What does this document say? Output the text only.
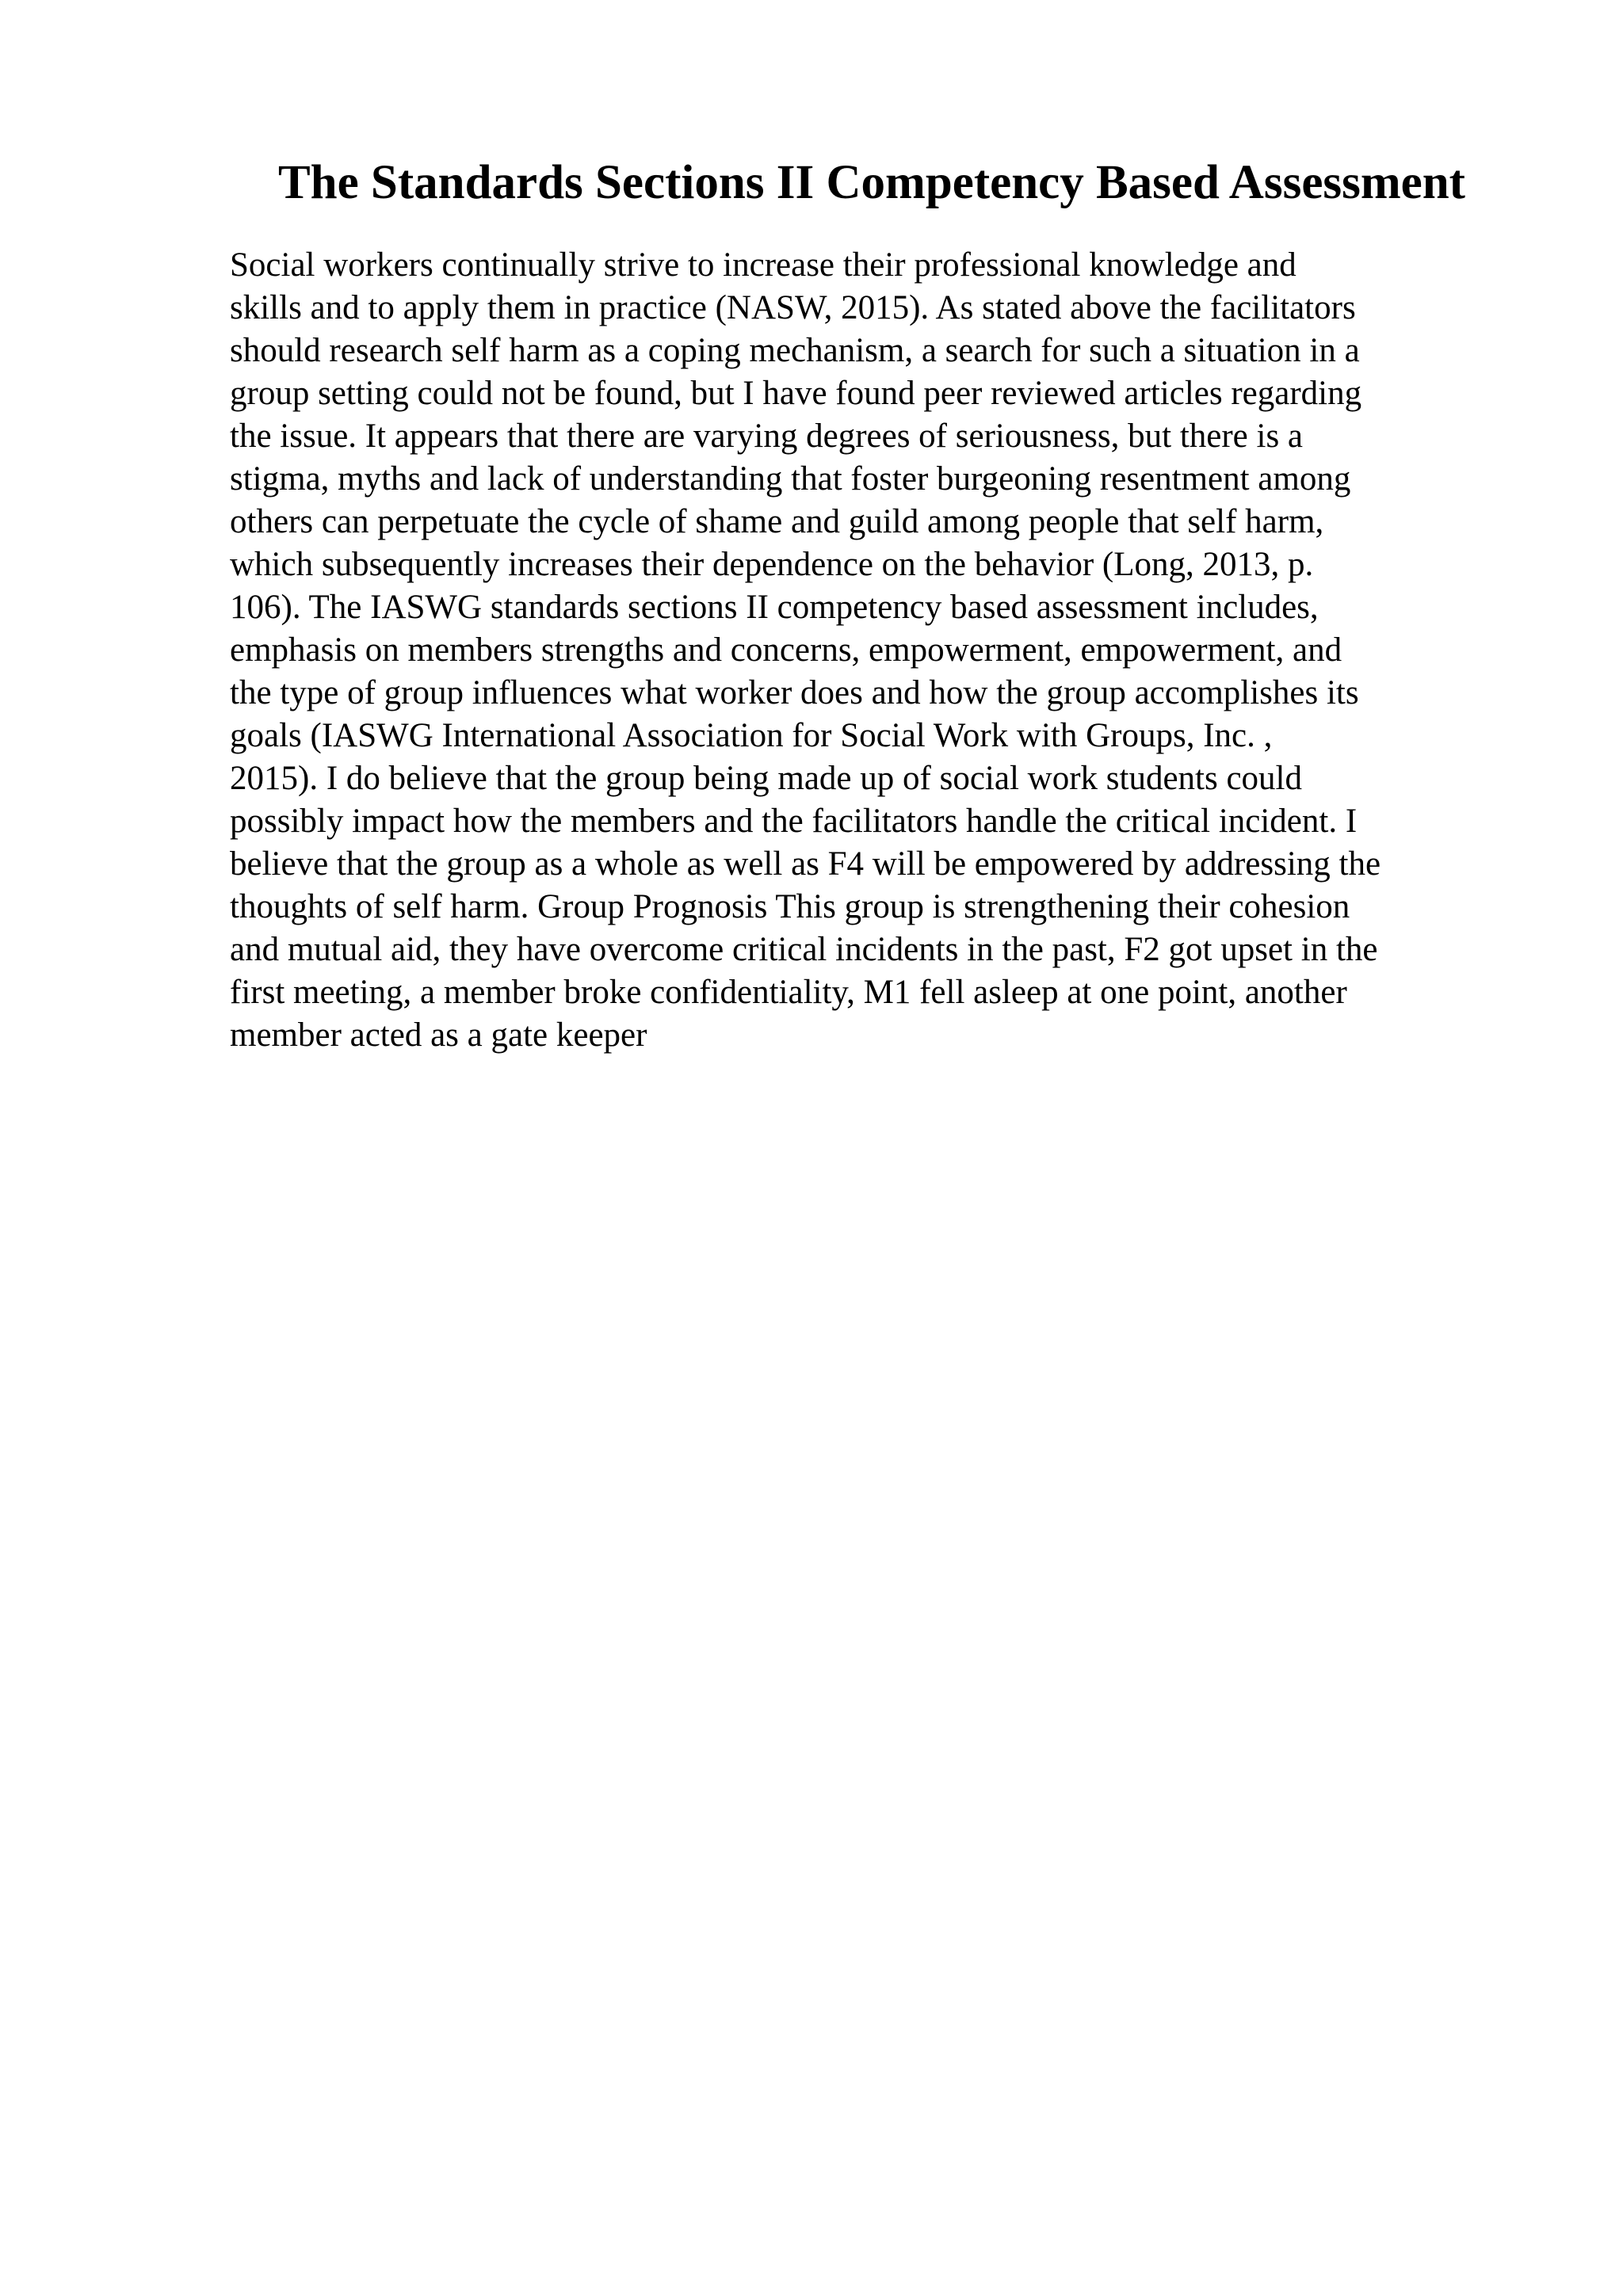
The Standards Sections II Competency Based Assessment
Social workers continually strive to increase their professional knowledge and
skills and to apply them in practice (NASW, 2015). As stated above the facilitators
should research self harm as a coping mechanism, a search for such a situation in a
group setting could not be found, but I have found peer reviewed articles regarding
the issue. It appears that there are varying degrees of seriousness, but there is a
stigma, myths and lack of understanding that foster burgeoning resentment among
others can perpetuate the cycle of shame and guild among people that self harm,
which subsequently increases their dependence on the behavior (Long, 2013, p.
106). The IASWG standards sections II competency based assessment includes,
emphasis on members strengths and concerns, empowerment, empowerment, and
the type of group influences what worker does and how the group accomplishes its
goals (IASWG International Association for Social Work with Groups, Inc. ,
2015). I do believe that the group being made up of social work students could
possibly impact how the members and the facilitators handle the critical incident. I
believe that the group as a whole as well as F4 will be empowered by addressing the
thoughts of self harm. Group Prognosis This group is strengthening their cohesion
and mutual aid, they have overcome critical incidents in the past, F2 got upset in the
first meeting, a member broke confidentiality, M1 fell asleep at one point, another
member acted as a gate keeper
